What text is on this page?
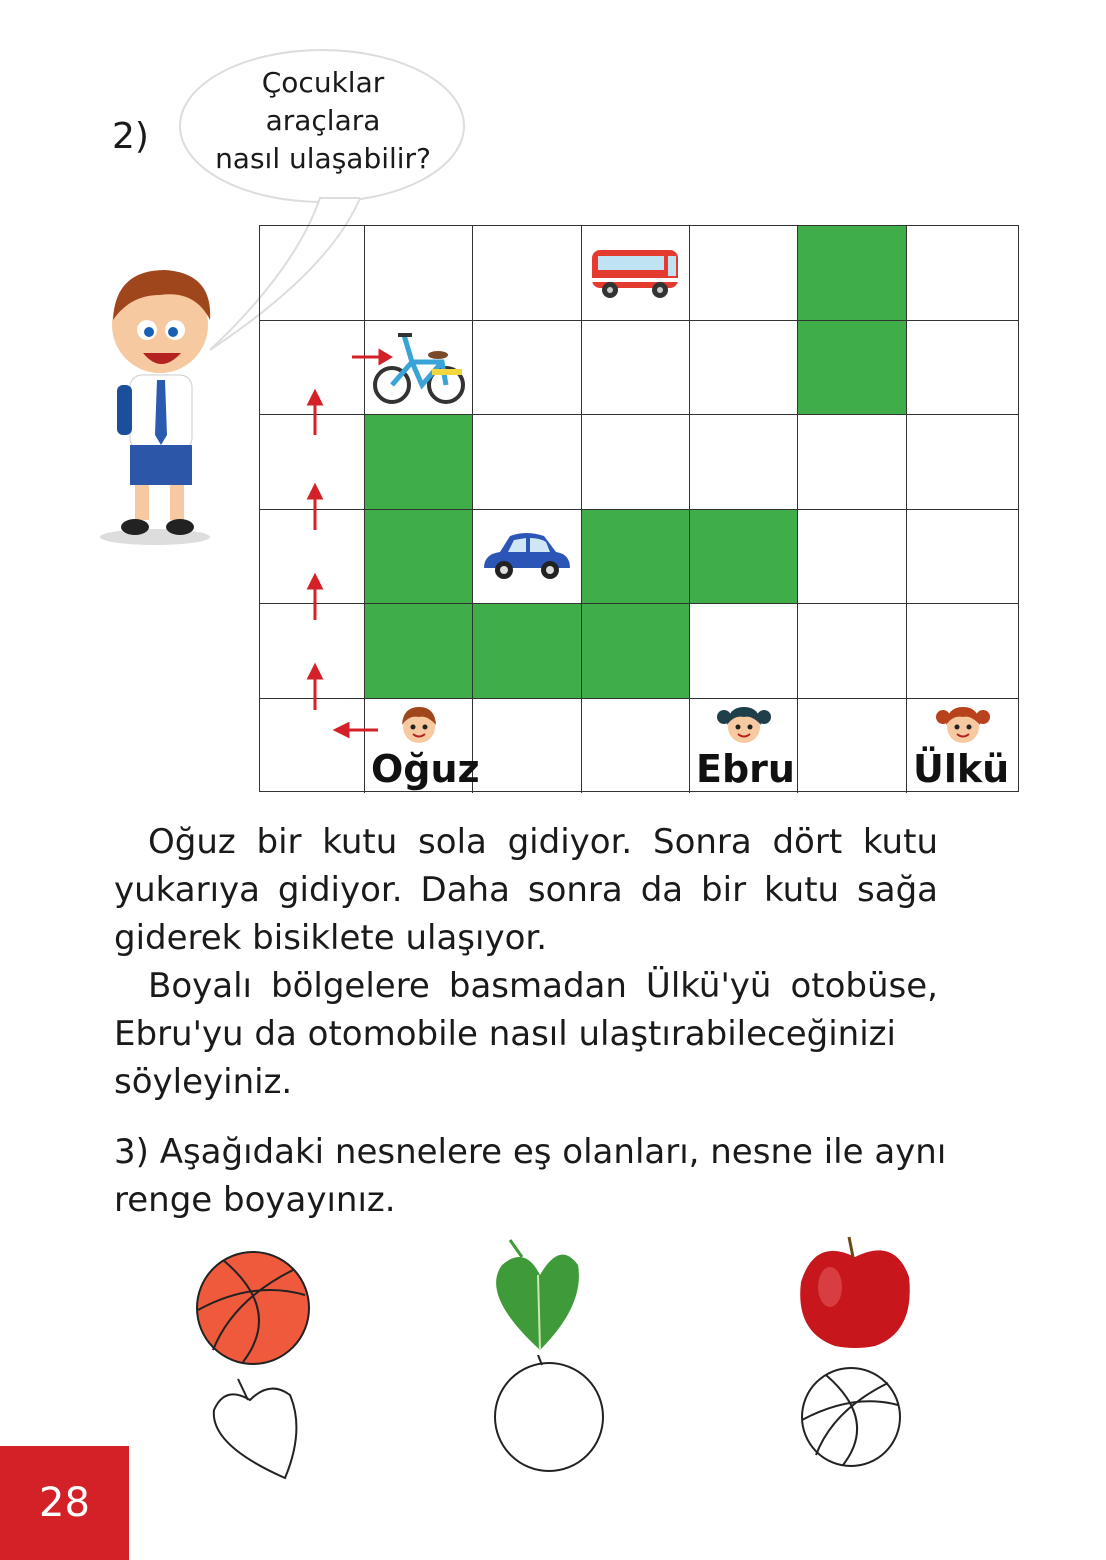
2)
Çocuklar
araçlara
nasıl ulaşabilir?
Oğuz	Ebru	Ülkü
Oğuz bir kutu sola gidiyor. Sonra dört kutu
yukarıya gidiyor. Daha sonra da bir kutu sağa
giderek bisiklete ulaşıyor.
Boyalı bölgelere basmadan Ülkü'yü otobüse,
Ebru'yu da otomobile nasıl ulaştırabileceğinizi
söyleyiniz.
3) Aşağıdaki nesnelere eş olanları, nesne ile aynı
renge boyayınız.
28
